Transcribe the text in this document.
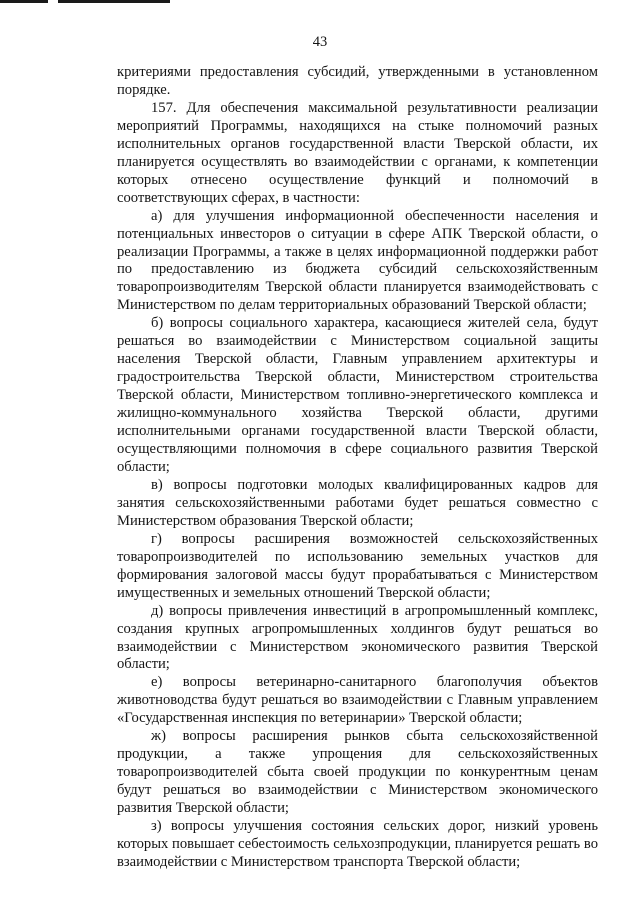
43

критериями предоставления субсидий, утвержденными в установленном порядке.

157. Для обеспечения максимальной результативности реализации мероприятий Программы, находящихся на стыке полномочий разных исполнительных органов государственной власти Тверской области, их планируется осуществлять во взаимодействии с органами, к компетенции которых отнесено осуществление функций и полномочий в соответствующих сферах, в частности:

а) для улучшения информационной обеспеченности населения и потенциальных инвесторов о ситуации в сфере АПК Тверской области, о реализации Программы, а также в целях информационной поддержки работ по предоставлению из бюджета субсидий сельскохозяйственным товаропроизводителям Тверской области планируется взаимодействовать с Министерством по делам территориальных образований Тверской области;

б) вопросы социального характера, касающиеся жителей села, будут решаться во взаимодействии с Министерством социальной защиты населения Тверской области, Главным управлением архитектуры и градостроительства Тверской области, Министерством строительства Тверской области, Министерством топливно-энергетического комплекса и жилищно-коммунального хозяйства Тверской области, другими исполнительными органами государственной власти Тверской области, осуществляющими полномочия в сфере социального развития Тверской области;

в) вопросы подготовки молодых квалифицированных кадров для занятия сельскохозяйственными работами будет решаться совместно с Министерством образования Тверской области;

г) вопросы расширения возможностей сельскохозяйственных товаропроизводителей по использованию земельных участков для формирования залоговой массы будут прорабатываться с Министерством имущественных и земельных отношений Тверской области;

д) вопросы привлечения инвестиций в агропромышленный комплекс, создания крупных агропромышленных холдингов будут решаться во взаимодействии с Министерством экономического развития Тверской области;

е) вопросы ветеринарно-санитарного благополучия объектов животноводства будут решаться во взаимодействии с Главным управлением «Государственная инспекция по ветеринарии» Тверской области;

ж) вопросы расширения рынков сбыта сельскохозяйственной продукции, а также упрощения для сельскохозяйственных товаропроизводителей сбыта своей продукции по конкурентным ценам будут решаться во взаимодействии с Министерством экономического развития Тверской области;

з) вопросы улучшения состояния сельских дорог, низкий уровень которых повышает себестоимость сельхозпродукции, планируется решать во взаимодействии с Министерством транспорта Тверской области;
